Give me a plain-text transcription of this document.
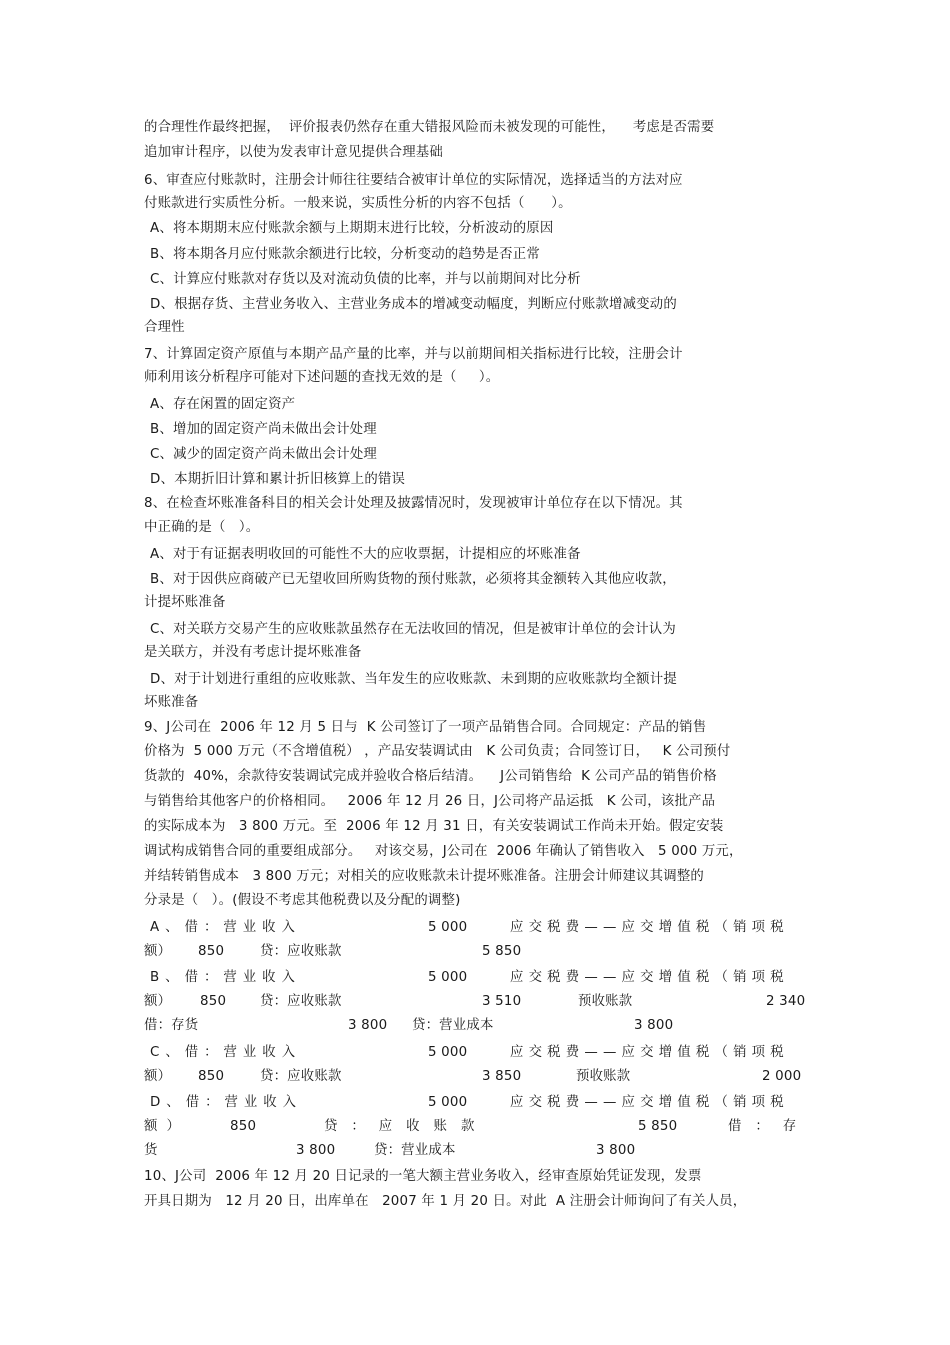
的合理性作最终把握，  评价报表仍然存在重大错报风险而未被发现的可能性，    考虑是否需要
追加审计程序，以使为发表审计意见提供合理基础
6、审查应付账款时，注册会计师往往要结合被审计单位的实际情况，选择适当的方法对应
付账款进行实质性分析。一般来说，实质性分析的内容不包括（      ）。
A、将本期期末应付账款余额与上期期末进行比较，分析波动的原因
B、将本期各月应付账款余额进行比较，分析变动的趋势是否正常
C、计算应付账款对存货以及对流动负债的比率，并与以前期间对比分析
D、根据存货、主营业务收入、主营业务成本的增减变动幅度，判断应付账款增减变动的
合理性
7、计算固定资产原值与本期产品产量的比率，并与以前期间相关指标进行比较，注册会计
师利用该分析程序可能对下述问题的查找无效的是（     ）。
A、存在闲置的固定资产
B、增加的固定资产尚未做出会计处理
C、减少的固定资产尚未做出会计处理
D、本期折旧计算和累计折旧核算上的错误
8、在检查坏账准备科目的相关会计处理及披露情况时，发现被审计单位存在以下情况。其
中正确的是（   ）。
A、对于有证据表明收回的可能性不大的应收票据，计提相应的坏账准备
B、对于因供应商破产已无望收回所购货物的预付账款，必须将其金额转入其他应收款，
计提坏账准备
C、对关联方交易产生的应收账款虽然存在无法收回的情况，但是被审计单位的会计认为
是关联方，并没有考虑计提坏账准备
D、对于计划进行重组的应收账款、当年发生的应收账款、未到期的应收账款均全额计提
坏账准备
9、J公司在  2006 年 12 月 5 日与  K 公司签订了一项产品销售合同。合同规定：产品的销售
价格为  5 000 万元（不含增值税） ，产品安装调试由   K 公司负责；合同签订日，   K 公司预付
货款的  40%，余款待安装调试完成并验收合格后结清。    J公司销售给  K 公司产品的销售价格
与销售给其他客户的价格相同。   2006 年 12 月 26 日，J公司将产品运抵   K 公司，该批产品
的实际成本为   3 800 万元。至  2006 年 12 月 31 日，有关安装调试工作尚未开始。假定安装
调试构成销售合同的重要组成部分。   对该交易，J公司在  2006 年确认了销售收入   5 000 万元，
并结转销售成本   3 800 万元；对相关的应收账款未计提坏账准备。注册会计师建议其调整的
分录是（   ）。(假设不考虑其他税费以及分配的调整)

A、借：营业收入

	5 000

	应交税费——应交增值税（销项税

额）

850

	贷：应收账款

	5 850

B、借：营业收入

	5 000

	应交税费——应交增值税（销项税

额）

850

	贷：应收账款

	3 510

	预收账款

	2 340

借：存货

	3 800

贷：营业成本

	3 800

C、借：营业收入

	5 000

	应交税费——应交增值税（销项税

额）

850

	贷：应收账款

	3 850

	预收账款

	2 000

D、借：营业收入

	5 000

	应交税费——应交增值税（销项税

额  ）

	850

	贷：应收账款

	5 850

	借：存

货

	3 800

	贷：营业成本

	3 800

10、J公司  2006 年 12 月 20 日记录的一笔大额主营业务收入，经审查原始凭证发现，发票
开具日期为   12 月 20 日，出库单在   2007 年 1 月 20 日。对此  A 注册会计师询问了有关人员，
